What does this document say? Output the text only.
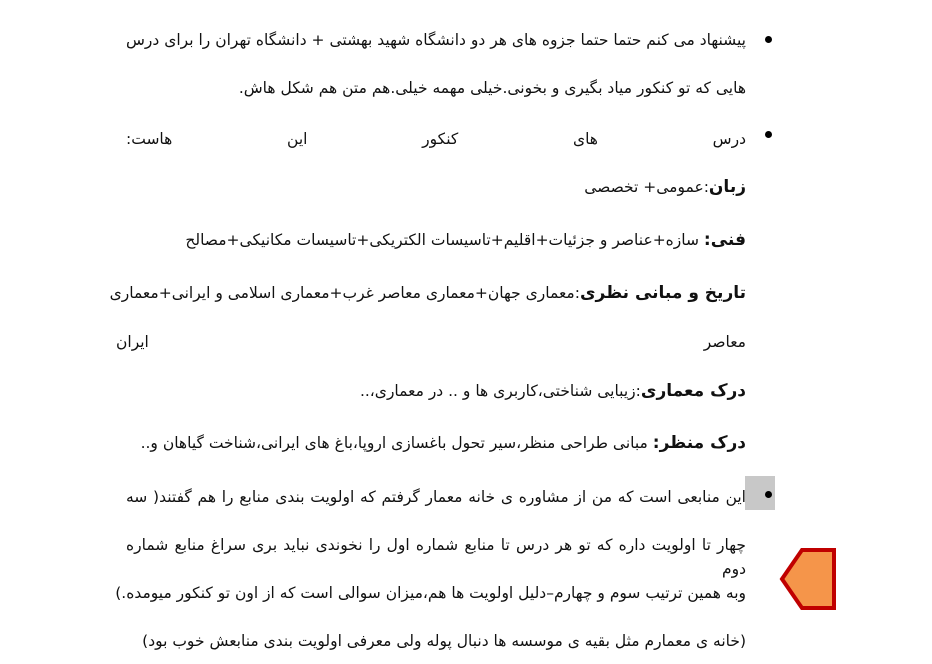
پیشنهاد می کنم حتما حتما جزوه های هر دو دانشگاه شهید بهشتی + دانشگاه تهران را برای درس
هایی که تو کنکور میاد بگیری و بخونی.خیلی مهمه خیلی.هم متن هم شکل هاش.
درس های کنکور این هاست:
زبان:عمومی+ تخصصی
فنی: سازه+عناصر و جزئیات+اقلیم+تاسیسات الکتریکی+تاسیسات مکانیکی+مصالح
تاریخ و مبانی نظری:معماری جهان+معماری معاصر غرب+معماری اسلامی و ایرانی+معماری
معاصر ایران
درک معماری:زیبایی شناختی،کاربری ها و .. در معماری،..
درک منظر: مبانی طراحی منظر،سیر تحول باغسازی اروپا،باغ های ایرانی،شناخت گیاهان و..
این منابعی است که من از مشاوره ی خانه معمار گرفتم که اولویت بندی منابع را هم گفتند( سه
چهار تا اولویت داره که تو هر درس تا منابع شماره اول را نخوندی نباید بری سراغ منابع شماره دوم
وبه همین ترتیب سوم و چهارم–دلیل اولویت ها هم،میزان سوالی است که از اون تو کنکور میومده.)
(خانه ی معمارم مثل بقیه ی موسسه ها دنبال پوله ولی معرفی اولویت بندی منابعش خوب بود)
